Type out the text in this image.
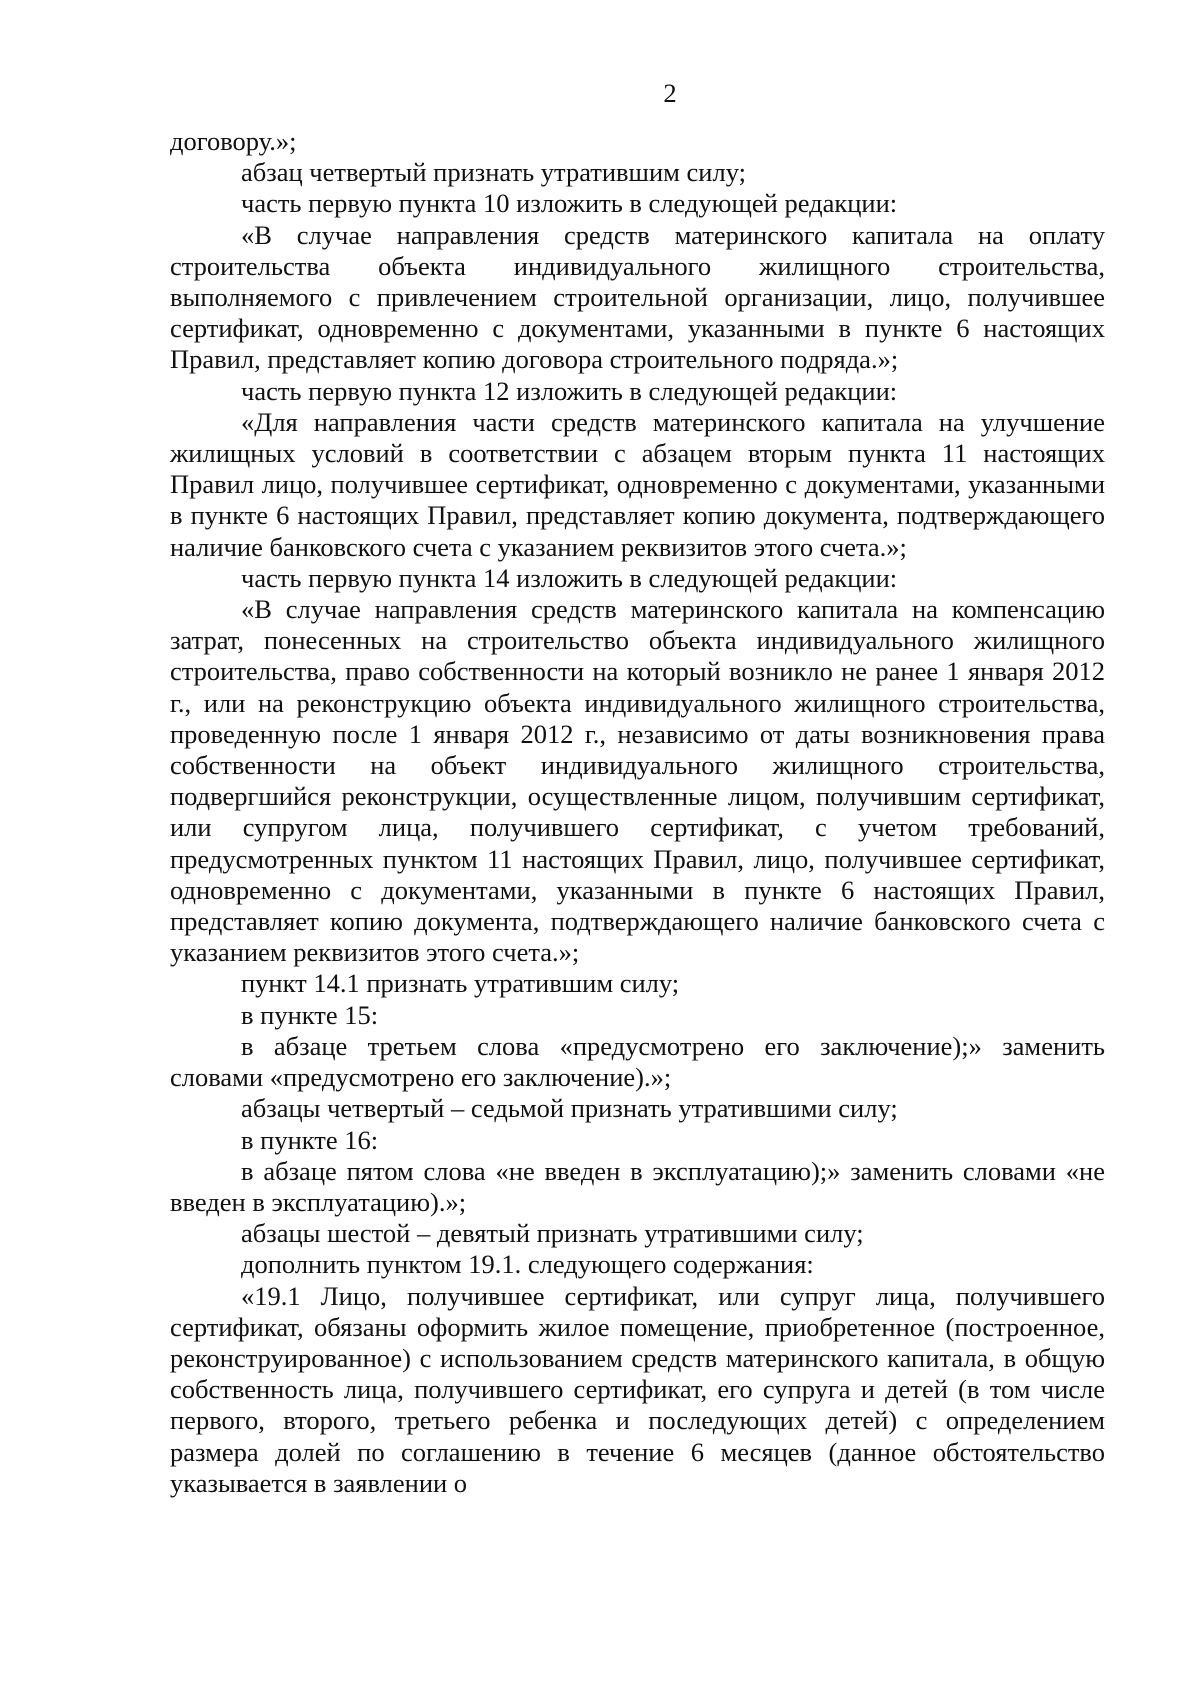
2

договору.»;

абзац четвертый признать утратившим силу;

часть первую пункта 10 изложить в следующей редакции:

«В случае направления средств материнского капитала на оплату строительства объекта индивидуального жилищного строительства, выполняемого с привлечением строительной организации, лицо, получившее сертификат, одновременно с документами, указанными в пункте 6 настоящих Правил, представляет копию договора строительного подряда.»;

часть первую пункта 12 изложить в следующей редакции:

«Для направления части средств материнского капитала на улучшение жилищных условий в соответствии с абзацем вторым пункта 11 настоящих Правил лицо, получившее сертификат, одновременно с документами, указанными в пункте 6 настоящих Правил, представляет копию документа, подтверждающего наличие банковского счета с указанием реквизитов этого счета.»;

часть первую пункта 14 изложить в следующей редакции:

«В случае направления средств материнского капитала на компенсацию затрат, понесенных на строительство объекта индивидуального жилищного строительства, право собственности на который возникло не ранее 1 января 2012 г., или на реконструкцию объекта индивидуального жилищного строительства, проведенную после 1 января 2012 г., независимо от даты возникновения права собственности на объект индивидуального жилищного строительства, подвергшийся реконструкции, осуществленные лицом, получившим сертификат, или супругом лица, получившего сертификат, с учетом требований, предусмотренных пунктом 11 настоящих Правил, лицо, получившее сертификат, одновременно с документами, указанными в пункте 6 настоящих Правил, представляет копию документа, подтверждающего наличие банковского счета с указанием реквизитов этого счета.»;

пункт 14.1 признать утратившим силу;

в пункте 15:

в абзаце третьем слова «предусмотрено его заключение);» заменить словами «предусмотрено его заключение).»;

абзацы четвертый – седьмой признать утратившими силу;

в пункте 16:

в абзаце пятом слова «не введен в эксплуатацию);» заменить словами «не введен в эксплуатацию).»;

абзацы шестой – девятый признать утратившими силу;

дополнить пунктом 19.1. следующего содержания:

«19.1 Лицо, получившее сертификат, или супруг лица, получившего сертификат, обязаны оформить жилое помещение, приобретенное (построенное, реконструированное) с использованием средств материнского капитала, в общую собственность лица, получившего сертификат, его супруга и детей (в том числе первого, второго, третьего ребенка и последующих детей) с определением размера долей по соглашению в течение 6 месяцев (данное обстоятельство указывается в заявлении о
